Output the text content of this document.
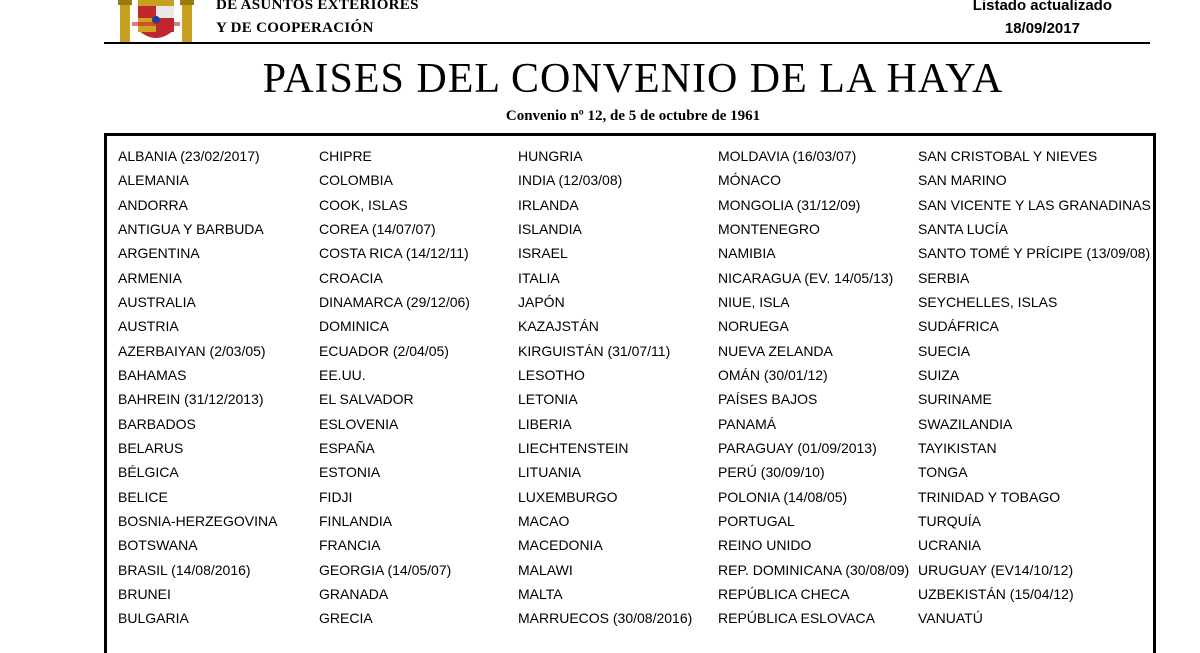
DE ASUNTOS EXTERIORES
Y DE COOPERACIÓN
Listado actualizado
18/09/2017
PAISES DEL CONVENIO DE LA HAYA
Convenio nº 12, de 5 de octubre de 1961
ALBANIA (23/02/2017)
ALEMANIA
ANDORRA
ANTIGUA Y BARBUDA
ARGENTINA
ARMENIA
AUSTRALIA
AUSTRIA
AZERBAIYAN (2/03/05)
BAHAMAS
BAHREIN (31/12/2013)
BARBADOS
BELARUS
BÉLGICA
BELICE
BOSNIA-HERZEGOVINA
BOTSWANA
BRASIL (14/08/2016)
BRUNEI
BULGARIA
CHIPRE
COLOMBIA
COOK, ISLAS
COREA (14/07/07)
COSTA RICA (14/12/11)
CROACIA
DINAMARCA (29/12/06)
DOMINICA
ECUADOR (2/04/05)
EE.UU.
EL SALVADOR
ESLOVENIA
ESPAÑA
ESTONIA
FIDJI
FINLANDIA
FRANCIA
GEORGIA (14/05/07)
GRANADA
GRECIA
HUNGRIA
INDIA (12/03/08)
IRLANDA
ISLANDIA
ISRAEL
ITALIA
JAPÓN
KAZAJSTÁN
KIRGUISTÁN (31/07/11)
LESOTHO
LETONIA
LIBERIA
LIECHTENSTEIN
LITUANIA
LUXEMBURGO
MACAO
MACEDONIA
MALAWI
MALTA
MARRUECOS (30/08/2016)
MOLDAVIA (16/03/07)
MÓNACO
MONGOLIA (31/12/09)
MONTENEGRO
NAMIBIA
NICARAGUA (EV. 14/05/13)
NIUE, ISLA
NORUEGA
NUEVA ZELANDA
OMÁN (30/01/12)
PAÍSES BAJOS
PANAMÁ
PARAGUAY (01/09/2013)
PERÚ (30/09/10)
POLONIA (14/08/05)
PORTUGAL
REINO UNIDO
REP. DOMINICANA (30/08/09)
REPÚBLICA CHECA
REPÚBLICA ESLOVACA
SAN CRISTOBAL Y NIEVES
SAN MARINO
SAN VICENTE Y LAS GRANADINAS
SANTA LUCÍA
SANTO TOMÉ Y PRÍCIPE (13/09/08)
SERBIA
SEYCHELLES, ISLAS
SUDÁFRICA
SUECIA
SUIZA
SURINAME
SWAZILANDIA
TAYIKISTAN
TONGA
TRINIDAD Y TOBAGO
TURQUÍA
UCRANIA
URUGUAY (EV14/10/12)
UZBEKISTÁN (15/04/12)
VANUATÚ
